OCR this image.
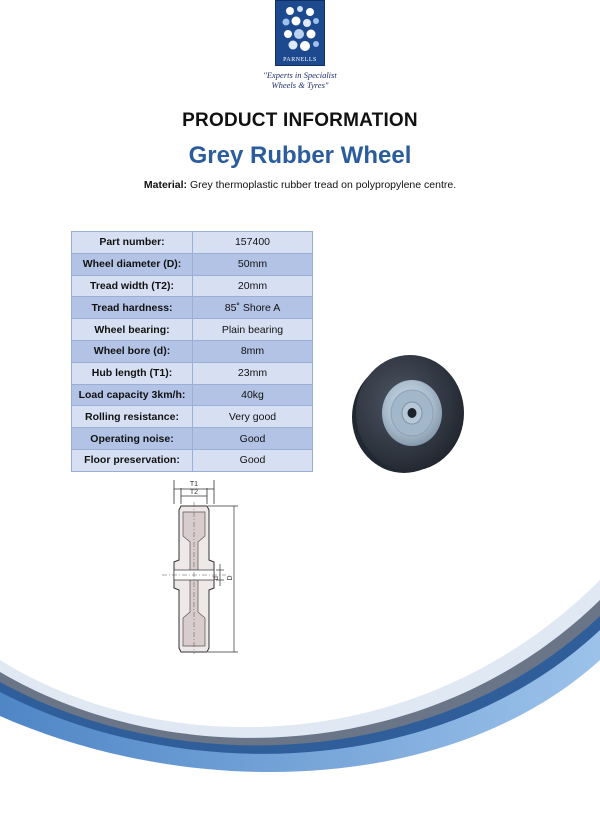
PARNELLS
"Experts in Specialist
Wheels & Tyres"
PRODUCT INFORMATION
Grey Rubber Wheel
Material: Grey thermoplastic rubber tread on polypropylene centre.
Part number:	157400
Wheel diameter (D):	50mm
Tread width (T2):	20mm
Tread hardness:	85˚ Shore A
Wheel bearing:	Plain bearing
Wheel bore (d):	8mm
Hub length (T1):	23mm
Load capacity 3km/h:	40kg
Rolling resistance:	Very good
Operating noise:	Good
Floor preservation:	Good
T1
T2
d D
